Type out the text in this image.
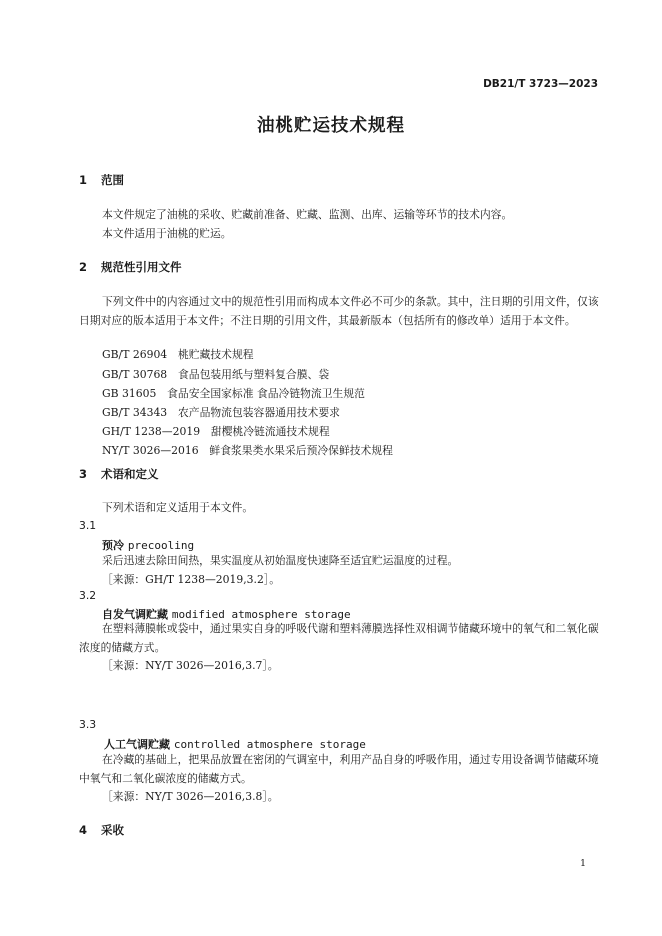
DB21/T 3723—2023
油桃贮运技术规程
1 范围
本文件规定了油桃的采收、贮藏前准备、贮藏、监测、出库、运输等环节的技术内容。
本文件适用于油桃的贮运。
2 规范性引用文件
下列文件中的内容通过文中的规范性引用而构成本文件必不可少的条款。其中，注日期的引用文件，仅该日期对应的版本适用于本文件；不注日期的引用文件，其最新版本（包括所有的修改单）适用于本文件。
GB/T 26904　桃贮藏技术规程
GB/T 30768　食品包装用纸与塑料复合膜、袋
GB 31605　食品安全国家标准 食品冷链物流卫生规范
GB/T 34343　农产品物流包装容器通用技术要求
GH/T 1238—2019　甜樱桃冷链流通技术规程
NY/T 3026—2016　鲜食浆果类水果采后预冷保鲜技术规程
3 术语和定义
下列术语和定义适用于本文件。
3.1
预冷 precooling
采后迅速去除田间热，果实温度从初始温度快速降至适宜贮运温度的过程。
［来源：GH/T 1238—2019,3.2］。
3.2
自发气调贮藏 modified atmosphere storage
在塑料薄膜帐或袋中，通过果实自身的呼吸代谢和塑料薄膜选择性双相调节储藏环境中的氧气和二氧化碳浓度的储藏方式。
［来源：NY/T 3026—2016,3.7］。
3.3
人工气调贮藏 controlled atmosphere storage
在冷藏的基础上，把果品放置在密闭的气调室中，利用产品自身的呼吸作用，通过专用设备调节储藏环境中氧气和二氧化碳浓度的储藏方式。
［来源：NY/T 3026—2016,3.8］。
4 采收
1
